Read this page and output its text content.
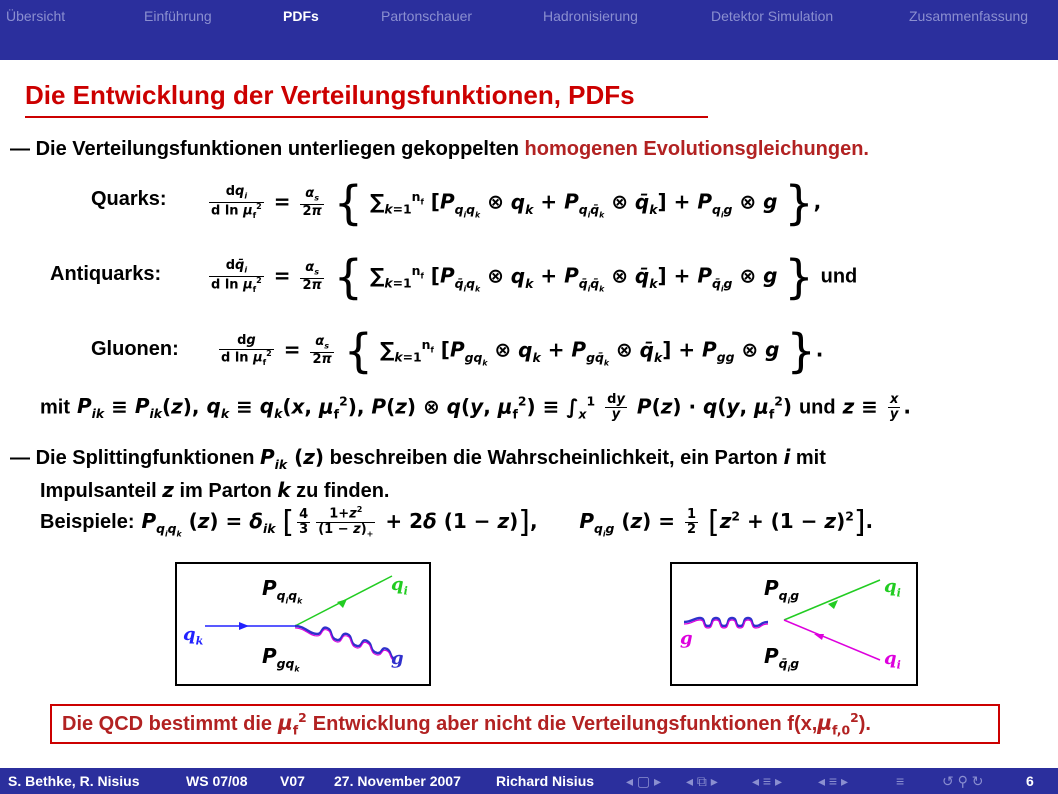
Übersicht	Einführung	PDFs	Partonschauer	Hadronisierung	Detektor Simulation	Zusammenfassung
Die Entwicklung der Verteilungsfunktionen, PDFs
— Die Verteilungsfunktionen unterliegen gekoppelten homogenen Evolutionsgleichungen.
Quarks:	$\frac{dq_i}{d \ln \mu_f^2} = \frac{\alpha_s}{2\pi}$ { $\sum_{k=1}^{n_f}$ [$P_{q_iq_k}$ ⊗ $q_k + P_{q_iq̄_k}$ ⊗ $q̄_k] + P_{q_ig}$ ⊗ g },
Antiquarks:	$\frac{dq̄_i}{d \ln \mu_f^2} = \frac{\alpha_s}{2\pi}$ { $\sum_{k=1}^{n_f}$ [$P_{q̄_iq_k}$ ⊗ $q_k + P_{q̄_iq̄_k}$ ⊗ $q̄_k] + P_{q̄_ig}$ ⊗ g } und
Gluonen:	$\frac{dg}{d \ln \mu_f^2} = \frac{\alpha_s}{2\pi}$ { $\sum_{k=1}^{n_f}$ [$P_{gq_k}$ ⊗ $q_k + P_{gq̄_k}$ ⊗ $q̄_k] + P_{gg}$ ⊗ g }.
mit $P_{ik} \equiv P_{ik}(z)$, $q_k \equiv q_k(x$, $\mu_f^2$), P(z) ⊗ q(y, $\mu_f^2) \equiv \int_x^1 \frac{dy}{y} P(z) \cdot q(y$, $\mu_f^2$) und $z \equiv \frac{x}{y}$ .
— Die Splittingfunktionen $P_{ik}$ (z) beschreiben die Wahrscheinlichkeit, ein Parton i mit
Impulsanteil z im Parton k zu finden.
Beispiele: $P_{q_iq_k}$ $(z) = \delta_{ik}$ [ $\frac{4}{3} \frac{1+z^2}{(1 - z)_+} + 2\delta$ (1 − z)],      $P_{q_ig}$ $(z) = \frac{1}{2} [z^2 + (1 - z)^2]$.
$P_{q_iq_k}$
$P_{gq_k}$
$q_k$
$q_i$
g
$P_{q_ig}$
$P_{q̄_ig}$
g
$q_i$
$q_i$
Die QCD bestimmt die $\mu_f^2$ Entwicklung aber nicht die Verteilungsfunktionen f(x, $\mu_{f,0}^2$ ).
S. Bethke, R. Nisius	WS 07/08 V07 27. November 2007	Richard Nisius ◂ ▢ ▸ ◂ ⧉ ▸ ◂ ≡ ▸	◂ ≡ ▸	≡	↺ ⚲ ↻	6
